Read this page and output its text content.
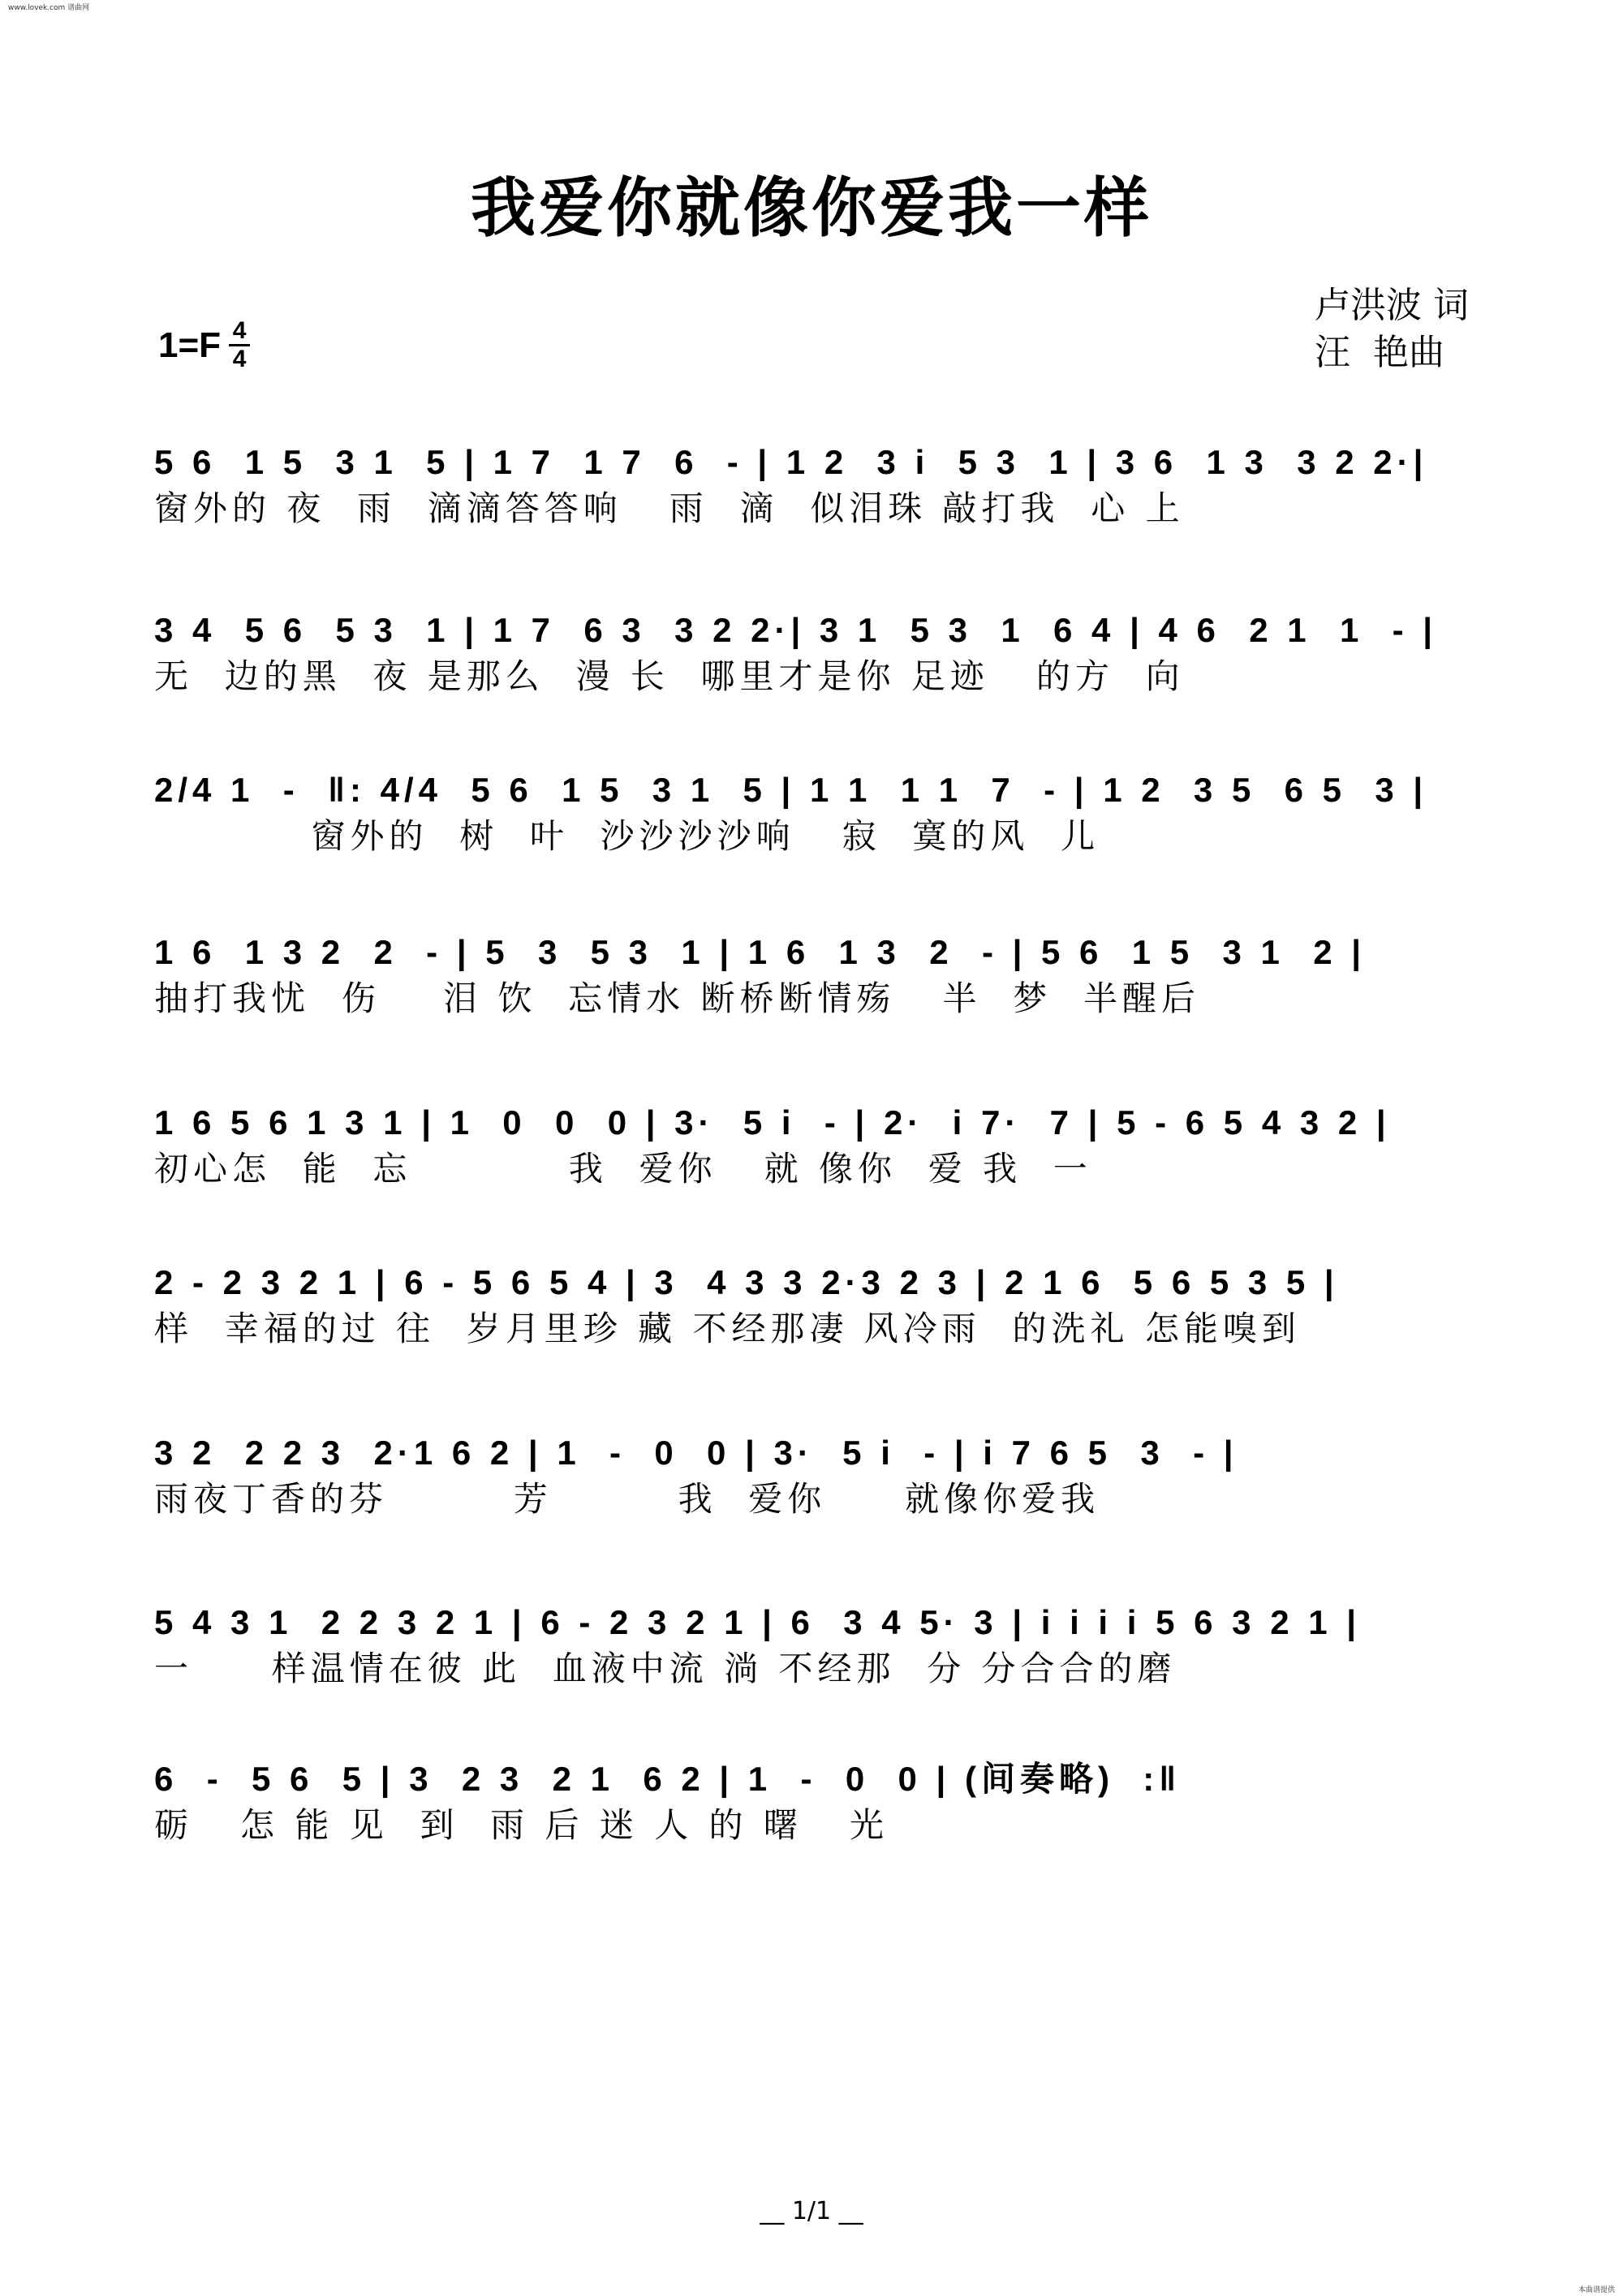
www.lovek.com 谱曲网
我爱你就像你爱我一样
卢洪波 词
汪  艳曲
$1=F \frac{4}{4}$
5 6  1 5  3 1  5 | 1 7  1 7  6  - | 1 2  3 i  5 3  1 | 3 6  1 3  3 2 2·|
窗外的 夜  雨  滴滴答答响   雨  滴  似泪珠 敲打我  心 上
3 4  5 6  5 3  1 | 1 7  6 3  3 2 2·| 3 1  5 3  1  6 4 | 4 6  2 1  1  - |
无  边的黑  夜 是那么  漫 长  哪里才是你 足迹   的方  向
2/4 1  -  ‖: 4/4  5 6  1 5  3 1  5 | 1 1  1 1  7  - | 1 2  3 5  6 5  3 |
窗外的  树  叶  沙沙沙沙响   寂  寞的风  儿
1 6  1 3 2  2  - | 5  3  5 3  1 | 1 6  1 3  2  - | 5 6  1 5  3 1  2 |
抽打我忧  伤    泪 饮  忘情水 断桥断情殇   半  梦  半醒后
1 6 5 6 1 3 1 | 1  0  0  0 | 3·  5 i  - | 2·  i 7·  7 | 5 - 6 5 4 3 2 |
初心怎  能  忘          我  爱你   就 像你  爱 我  一
2 - 2 3 2 1 | 6 - 5 6 5 4 | 3  4 3 3 2·3 2 3 | 2 1 6  5 6 5 3 5 |
样  幸福的过 往  岁月里珍 藏 不经那凄 风冷雨  的洗礼 怎能嗅到
3 2  2 2 3  2·1 6 2 | 1  -  0  0 | 3·  5 i  - | i 7 6 5  3  - |
雨夜丁香的芬        芳        我  爱你     就像你爱我
5 4 3 1  2 2 3 2 1 | 6 - 2 3 2 1 | 6  3 4 5· 3 | i i i i 5 6 3 2 1 |
一     样温情在彼 此  血液中流 淌 不经那  分 分合合的磨
6  -  5 6  5 | 3  2 3  2 1  6 2 | 1  -  0  0 | (间奏略)  :‖
砺   怎 能 见  到  雨 后 迷 人 的 曙   光
__ 1/1 __
本曲谱提供
